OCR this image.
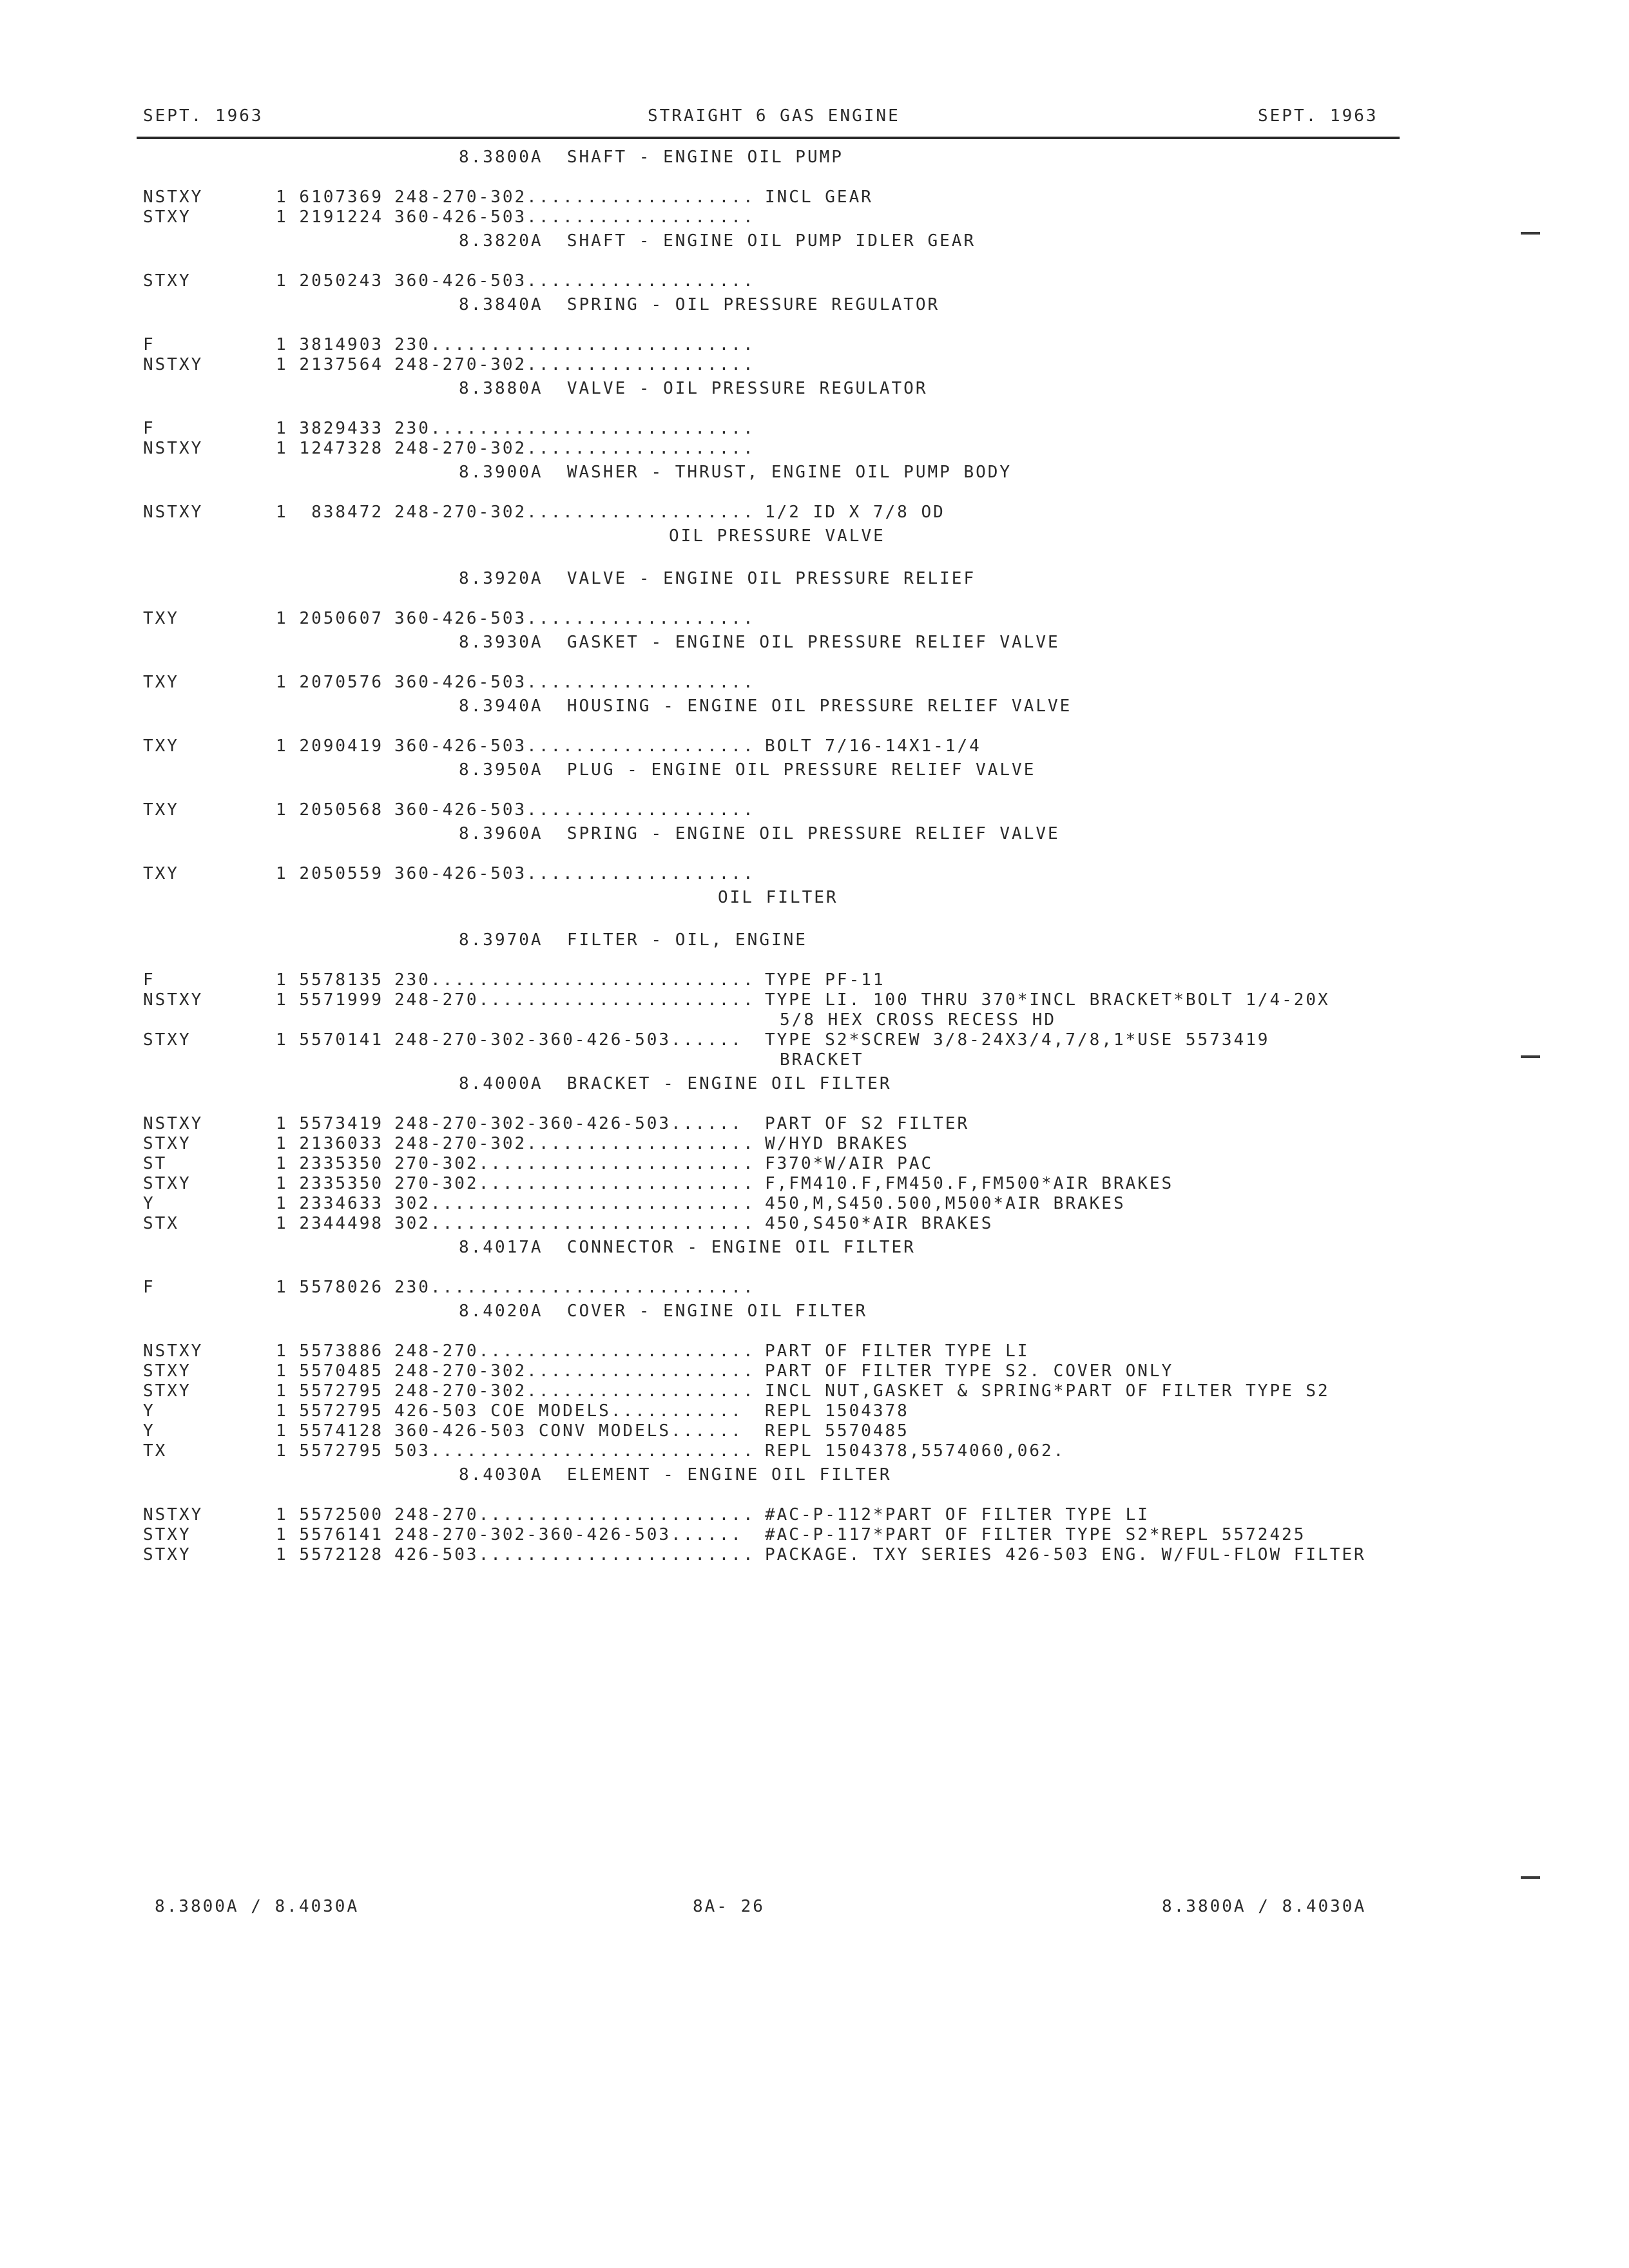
SEPT. 1963	STRAIGHT 6 GAS ENGINE	SEPT. 1963
8.3800A  SHAFT - ENGINE OIL PUMP
NSTXY	1 6107369 248-270-302................... INCL GEAR
STXY	1 2191224 360-426-503...................
8.3820A  SHAFT - ENGINE OIL PUMP IDLER GEAR
STXY	1 2050243 360-426-503...................
8.3840A  SPRING - OIL PRESSURE REGULATOR
F	1 3814903 230...........................
NSTXY	1 2137564 248-270-302...................
8.3880A  VALVE - OIL PRESSURE REGULATOR
F	1 3829433 230...........................
NSTXY	1 1247328 248-270-302...................
8.3900A  WASHER - THRUST, ENGINE OIL PUMP BODY
NSTXY	1	838472 248-270-302................... 1/2 ID X 7/8 OD
OIL PRESSURE VALVE
8.3920A  VALVE - ENGINE OIL PRESSURE RELIEF
TXY	1 2050607 360-426-503...................
8.3930A  GASKET - ENGINE OIL PRESSURE RELIEF VALVE
TXY	1 2070576 360-426-503...................
8.3940A  HOUSING - ENGINE OIL PRESSURE RELIEF VALVE
TXY	1 2090419 360-426-503................... BOLT 7/16-14X1-1/4
8.3950A  PLUG - ENGINE OIL PRESSURE RELIEF VALVE
TXY	1 2050568 360-426-503...................
8.3960A  SPRING - ENGINE OIL PRESSURE RELIEF VALVE
TXY	1 2050559 360-426-503...................
OIL FILTER
8.3970A  FILTER - OIL, ENGINE
F	1 5578135 230........................... TYPE PF-11
NSTXY	1 5571999 248-270....................... TYPE LI. 100 THRU 370*INCL BRACKET*BOLT 1/4-20X
5/8 HEX CROSS RECESS HD
STXY	1 5570141 248-270-302-360-426-503...... TYPE S2*SCREW 3/8-24X3/4,7/8,1*USE 5573419
BRACKET
8.4000A  BRACKET - ENGINE OIL FILTER
NSTXY	1 5573419 248-270-302-360-426-503...... PART OF S2 FILTER
STXY	1 2136033 248-270-302................... W/HYD BRAKES
ST	1 2335350 270-302....................... F370*W/AIR PAC
STXY	1 2335350 270-302....................... F,FM410.F,FM450.F,FM500*AIR BRAKES
Y	1 2334633 302........................... 450,M,S450.500,M500*AIR BRAKES
STX	1 2344498 302........................... 450,S450*AIR BRAKES
8.4017A  CONNECTOR - ENGINE OIL FILTER
F	1 5578026 230...........................
8.4020A  COVER - ENGINE OIL FILTER
NSTXY	1 5573886 248-270....................... PART OF FILTER TYPE LI
STXY	1 5570485 248-270-302................... PART OF FILTER TYPE S2. COVER ONLY
STXY	1 5572795 248-270-302................... INCL NUT,GASKET & SPRING*PART OF FILTER TYPE S2
Y	1 5572795 426-503 COE MODELS........... REPL 1504378
Y	1 5574128 360-426-503 CONV MODELS...... REPL 5570485
TX	1 5572795 503........................... REPL 1504378,5574060,062.
8.4030A  ELEMENT - ENGINE OIL FILTER
NSTXY	1 5572500 248-270....................... #AC-P-112*PART OF FILTER TYPE LI
STXY	1 5576141 248-270-302-360-426-503...... #AC-P-117*PART OF FILTER TYPE S2*REPL 5572425
STXY	1 5572128 426-503....................... PACKAGE. TXY SERIES 426-503 ENG. W/FUL-FLOW FILTER
8.3800A / 8.4030A	8A- 26	8.3800A / 8.4030A
